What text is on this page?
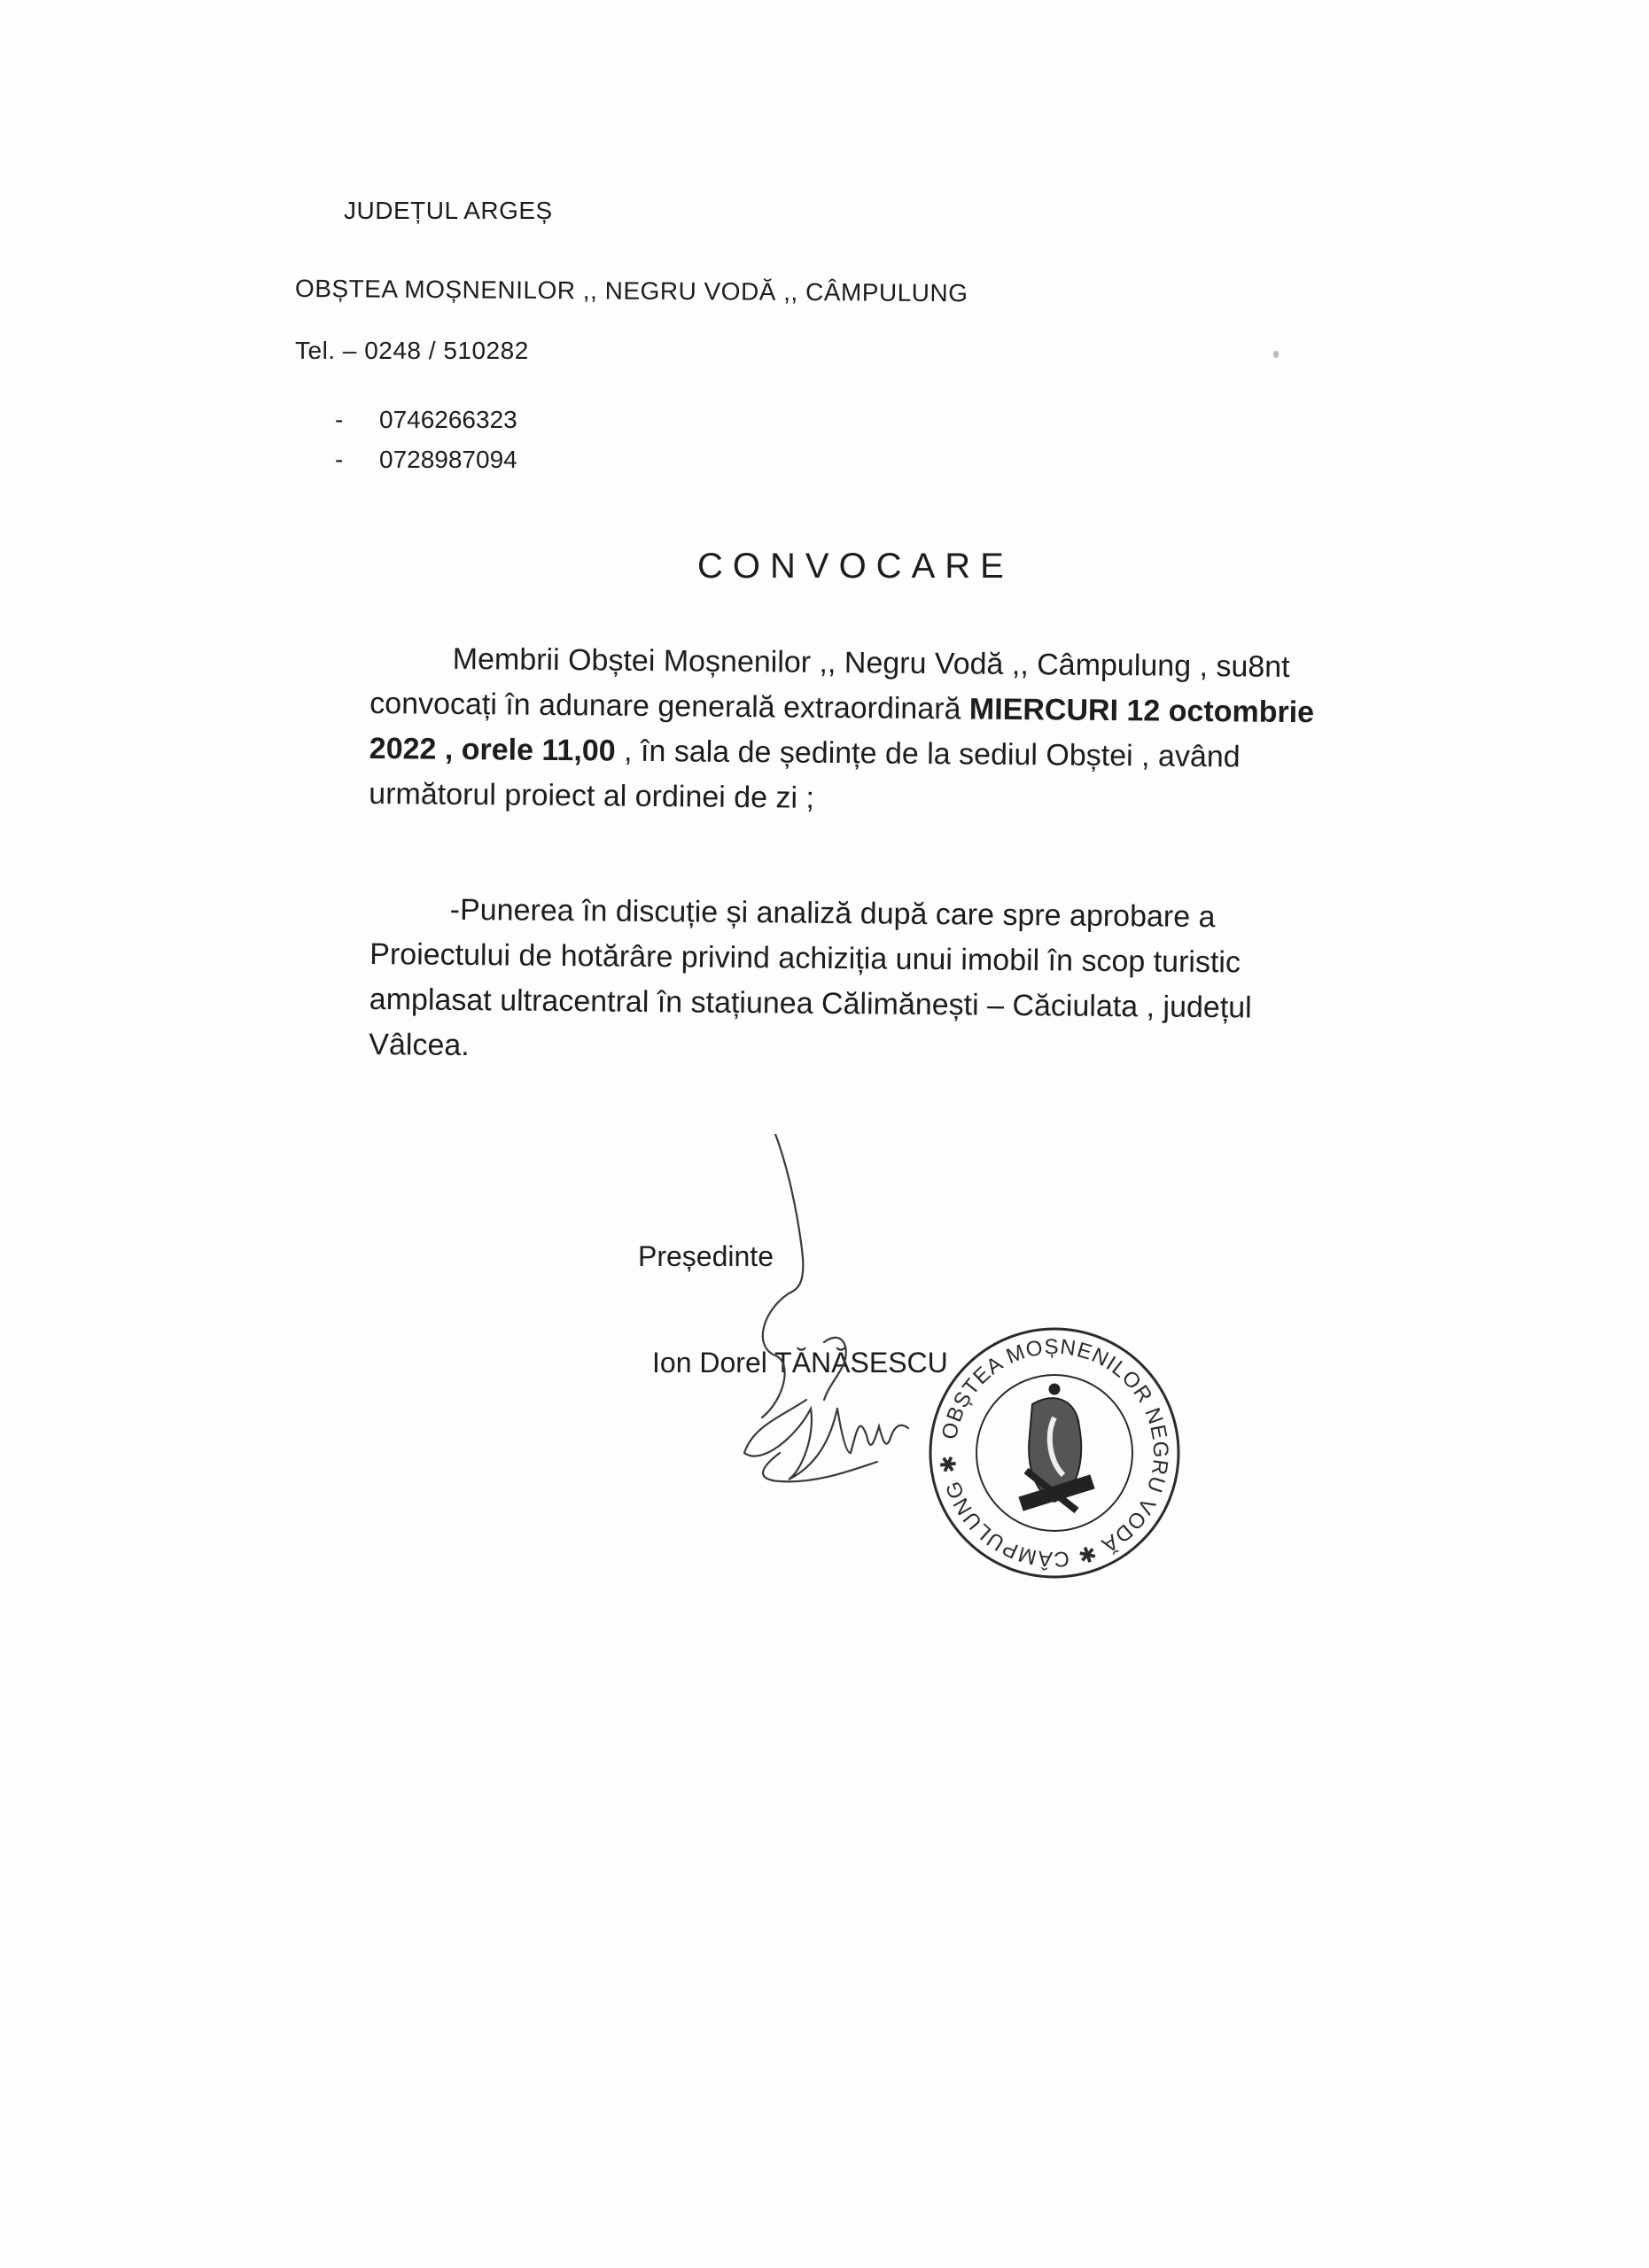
JUDEȚUL ARGEȘ
OBȘTEA MOȘNENILOR ,, NEGRU VODĂ ,, CÂMPULUNG
Tel. – 0248 / 510282
- 0746266323
- 0728987094
CONVOCARE

Membrii Obștei Moșnenilor ,, Negru Vodă ,, Câmpulung , su8nt
convocați în adunare generală extraordinară MIERCURI 12 octombrie
2022 , orele 11,00 , în sala de ședințe de la sediul Obștei , având
următorul proiect al ordinei de zi ;

-Punerea în discuție și analiză după care spre aprobare a
Proiectului de hotărâre privind achiziția unui imobil în scop turistic
amplasat ultracentral în stațiunea Călimănești – Căciulata , județul
Vâlcea.

Președinte
Ion Dorel TĂNĂSESCU
OBȘTEA MOȘNENILOR NEGRU VODĂ ✱ CÂMPULUNG ✱
